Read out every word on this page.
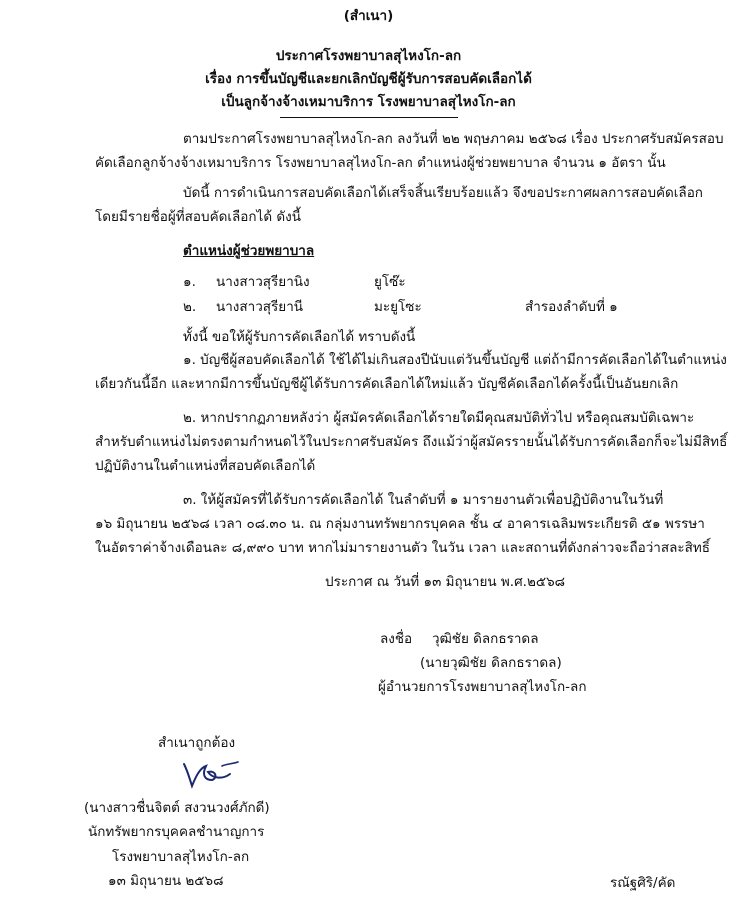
(สำเนา)
ประกาศโรงพยาบาลสุไหงโก-ลก
เรื่อง การขึ้นบัญชีและยกเลิกบัญชีผู้รับการสอบคัดเลือกได้
เป็นลูกจ้างจ้างเหมาบริการ โรงพยาบาลสุไหงโก-ลก
ตามประกาศโรงพยาบาลสุไหงโก-ลก ลงวันที่ ๒๒ พฤษภาคม ๒๕๖๘ เรื่อง ประกาศรับสมัครสอบ
คัดเลือกลูกจ้างจ้างเหมาบริการ โรงพยาบาลสุไหงโก-ลก ตำแหน่งผู้ช่วยพยาบาล จำนวน ๑ อัตรา นั้น
บัดนี้ การดำเนินการสอบคัดเลือกได้เสร็จสิ้นเรียบร้อยแล้ว จึงขอประกาศผลการสอบคัดเลือก
โดยมีรายชื่อผู้ที่สอบคัดเลือกได้ ดังนี้
ตำแหน่งผู้ช่วยพยาบาล
๑. นางสาวสุรียานิง	ยูโซ๊ะ
๒. นางสาวสุรียานี	มะยูโซะ	สำรองลำดับที่ ๑
ทั้งนี้ ขอให้ผู้รับการคัดเลือกได้ ทราบดังนี้
๑. บัญชีผู้สอบคัดเลือกได้ ใช้ได้ไม่เกินสองปีนับแต่วันขึ้นบัญชี แต่ถ้ามีการคัดเลือกได้ในตำแหน่ง
เดียวกันนี้อีก และหากมีการขึ้นบัญชีผู้ได้รับการคัดเลือกได้ใหม่แล้ว บัญชีคัดเลือกได้ครั้งนี้เป็นอันยกเลิก
๒. หากปรากฏภายหลังว่า ผู้สมัครคัดเลือกได้รายใดมีคุณสมบัติทั่วไป หรือคุณสมบัติเฉพาะ
สำหรับตำแหน่งไม่ตรงตามกำหนดไว้ในประกาศรับสมัคร ถึงแม้ว่าผู้สมัครรายนั้นได้รับการคัดเลือกก็จะไม่มีสิทธิ์
ปฏิบัติงานในตำแหน่งที่สอบคัดเลือกได้
๓. ให้ผู้สมัครที่ได้รับการคัดเลือกได้ ในลำดับที่ ๑ มารายงานตัวเพื่อปฏิบัติงานในวันที่
๑๖ มิถุนายน ๒๕๖๘ เวลา ๐๘.๓๐ น. ณ กลุ่มงานทรัพยากรบุคคล ชั้น ๔ อาคารเฉลิมพระเกียรติ ๕๑ พรรษา
ในอัตราค่าจ้างเดือนละ ๘,๙๙๐ บาท หากไม่มารายงานตัว ในวัน เวลา และสถานที่ดังกล่าวจะถือว่าสละสิทธิ์
ประกาศ ณ วันที่ ๑๓ มิถุนายน พ.ศ.๒๕๖๘
ลงชื่อ วุฒิชัย ดิลกธราดล
(นายวุฒิชัย ดิลกธราดล)
ผู้อำนวยการโรงพยาบาลสุไหงโก-ลก
สำเนาถูกต้อง
(นางสาวชื่นจิตต์ สงวนวงศ์ภักดี)
นักทรัพยากรบุคคลชำนาญการ
โรงพยาบาลสุไหงโก-ลก
๑๓ มิถุนายน ๒๕๖๘	รณัฐศิริ/คัด
